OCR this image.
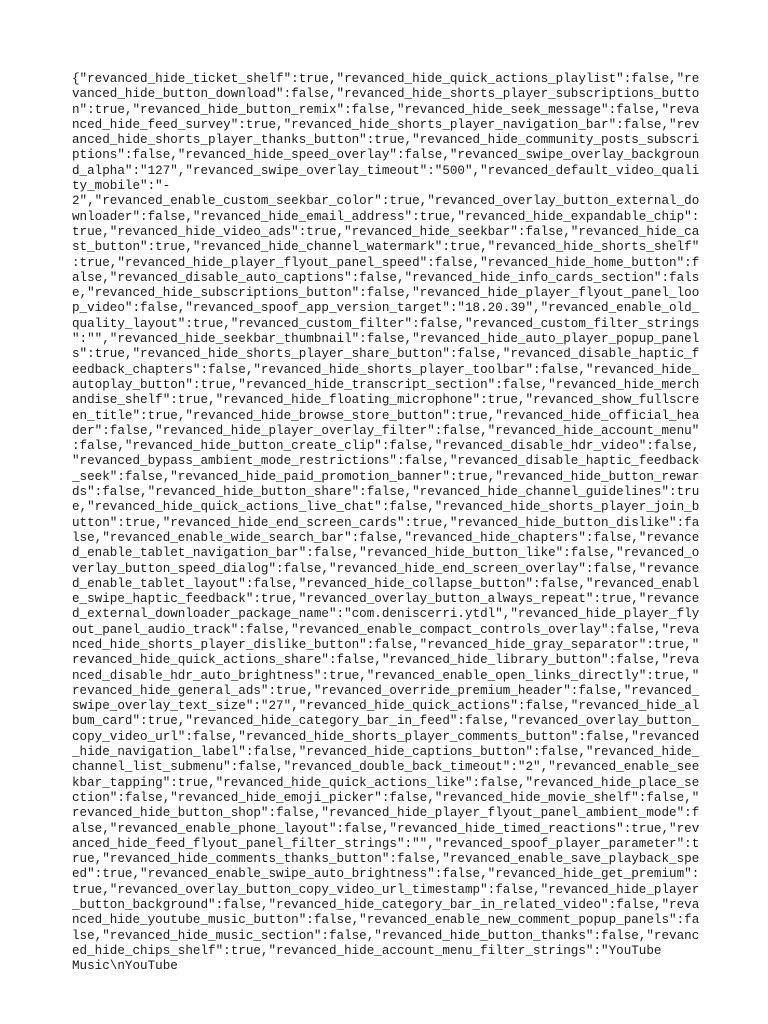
{"revanced_hide_ticket_shelf":true,"revanced_hide_quick_actions_playlist":false,"re
vanced_hide_button_download":false,"revanced_hide_shorts_player_subscriptions_butto
n":true,"revanced_hide_button_remix":false,"revanced_hide_seek_message":false,"reva
nced_hide_feed_survey":true,"revanced_hide_shorts_player_navigation_bar":false,"rev
anced_hide_shorts_player_thanks_button":true,"revanced_hide_community_posts_subscri
ptions":false,"revanced_hide_speed_overlay":false,"revanced_swipe_overlay_backgroun
d_alpha":"127","revanced_swipe_overlay_timeout":"500","revanced_default_video_quali
ty_mobile":"-
2","revanced_enable_custom_seekbar_color":true,"revanced_overlay_button_external_do
wnloader":false,"revanced_hide_email_address":true,"revanced_hide_expandable_chip":
true,"revanced_hide_video_ads":true,"revanced_hide_seekbar":false,"revanced_hide_ca
st_button":true,"revanced_hide_channel_watermark":true,"revanced_hide_shorts_shelf"
:true,"revanced_hide_player_flyout_panel_speed":false,"revanced_hide_home_button":f
alse,"revanced_disable_auto_captions":false,"revanced_hide_info_cards_section":fals
e,"revanced_hide_subscriptions_button":false,"revanced_hide_player_flyout_panel_loo
p_video":false,"revanced_spoof_app_version_target":"18.20.39","revanced_enable_old_
quality_layout":true,"revanced_custom_filter":false,"revanced_custom_filter_strings
":"","revanced_hide_seekbar_thumbnail":false,"revanced_hide_auto_player_popup_panel
s":true,"revanced_hide_shorts_player_share_button":false,"revanced_disable_haptic_f
eedback_chapters":false,"revanced_hide_shorts_player_toolbar":false,"revanced_hide_
autoplay_button":true,"revanced_hide_transcript_section":false,"revanced_hide_merch
andise_shelf":true,"revanced_hide_floating_microphone":true,"revanced_show_fullscre
en_title":true,"revanced_hide_browse_store_button":true,"revanced_hide_official_hea
der":false,"revanced_hide_player_overlay_filter":false,"revanced_hide_account_menu"
:false,"revanced_hide_button_create_clip":false,"revanced_disable_hdr_video":false,
"revanced_bypass_ambient_mode_restrictions":false,"revanced_disable_haptic_feedback
_seek":false,"revanced_hide_paid_promotion_banner":true,"revanced_hide_button_rewar
ds":false,"revanced_hide_button_share":false,"revanced_hide_channel_guidelines":tru
e,"revanced_hide_quick_actions_live_chat":false,"revanced_hide_shorts_player_join_b
utton":true,"revanced_hide_end_screen_cards":true,"revanced_hide_button_dislike":fa
lse,"revanced_enable_wide_search_bar":false,"revanced_hide_chapters":false,"revance
d_enable_tablet_navigation_bar":false,"revanced_hide_button_like":false,"revanced_o
verlay_button_speed_dialog":false,"revanced_hide_end_screen_overlay":false,"revance
d_enable_tablet_layout":false,"revanced_hide_collapse_button":false,"revanced_enabl
e_swipe_haptic_feedback":true,"revanced_overlay_button_always_repeat":true,"revance
d_external_downloader_package_name":"com.deniscerri.ytdl","revanced_hide_player_fly
out_panel_audio_track":false,"revanced_enable_compact_controls_overlay":false,"reva
nced_hide_shorts_player_dislike_button":false,"revanced_hide_gray_separator":true,"
revanced_hide_quick_actions_share":false,"revanced_hide_library_button":false,"reva
nced_disable_hdr_auto_brightness":true,"revanced_enable_open_links_directly":true,"
revanced_hide_general_ads":true,"revanced_override_premium_header":false,"revanced_
swipe_overlay_text_size":"27","revanced_hide_quick_actions":false,"revanced_hide_al
bum_card":true,"revanced_hide_category_bar_in_feed":false,"revanced_overlay_button_
copy_video_url":false,"revanced_hide_shorts_player_comments_button":false,"revanced
_hide_navigation_label":false,"revanced_hide_captions_button":false,"revanced_hide_
channel_list_submenu":false,"revanced_double_back_timeout":"2","revanced_enable_see
kbar_tapping":true,"revanced_hide_quick_actions_like":false,"revanced_hide_place_se
ction":false,"revanced_hide_emoji_picker":false,"revanced_hide_movie_shelf":false,"
revanced_hide_button_shop":false,"revanced_hide_player_flyout_panel_ambient_mode":f
alse,"revanced_enable_phone_layout":false,"revanced_hide_timed_reactions":true,"rev
anced_hide_feed_flyout_panel_filter_strings":"","revanced_spoof_player_parameter":t
rue,"revanced_hide_comments_thanks_button":false,"revanced_enable_save_playback_spe
ed":true,"revanced_enable_swipe_auto_brightness":false,"revanced_hide_get_premium":
true,"revanced_overlay_button_copy_video_url_timestamp":false,"revanced_hide_player
_button_background":false,"revanced_hide_category_bar_in_related_video":false,"reva
nced_hide_youtube_music_button":false,"revanced_enable_new_comment_popup_panels":fa
lse,"revanced_hide_music_section":false,"revanced_hide_button_thanks":false,"revanc
ed_hide_chips_shelf":true,"revanced_hide_account_menu_filter_strings":"YouTube
Music\nYouTube
